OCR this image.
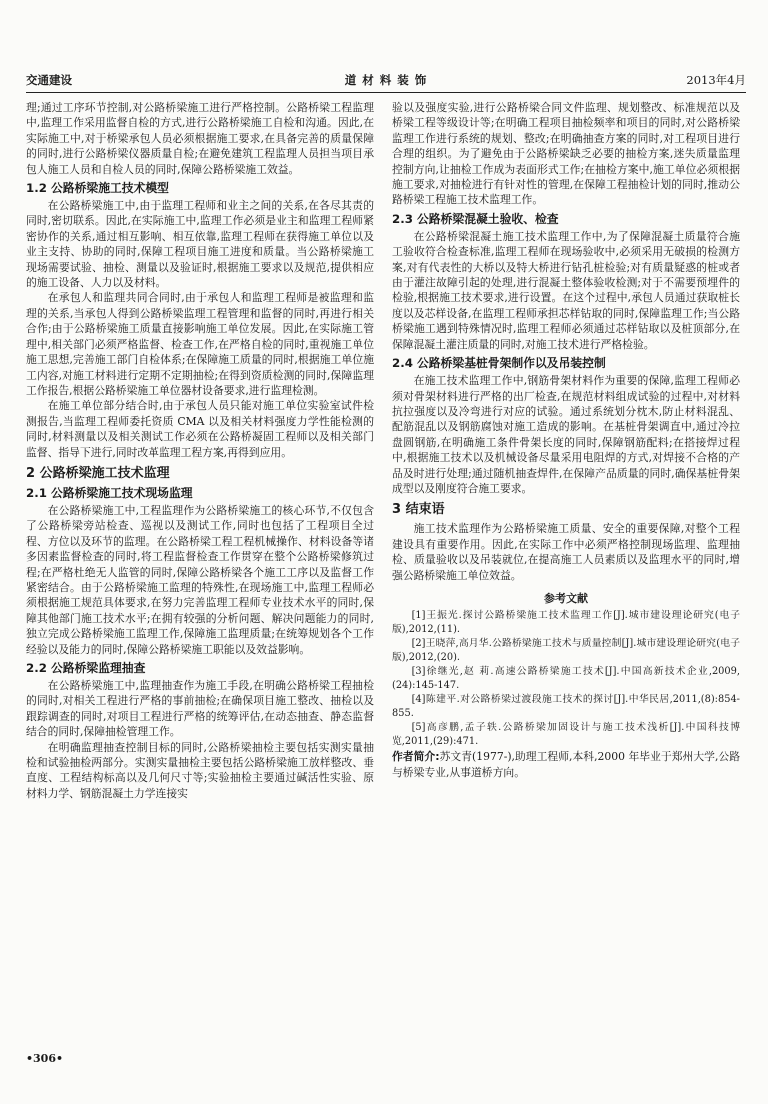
交通建设	道 材 料 装 饰	2013年4月

理;通过工序环节控制,对公路桥梁施工进行严格控制。公路桥梁工程监理中,监理工作采用监督自检的方式,进行公路桥梁施工自检和沟通。因此,在实际施工中,对于桥梁承包人员必须根据施工要求,在具备完善的质量保障的同时,进行公路桥梁仪器质量自检;在避免建筑工程监理人员担当项目承包人施工人员和自检人员的同时,保障公路桥梁施工效益。

1.2 公路桥梁施工技术模型

在公路桥梁施工中,由于监理工程师和业主之间的关系,在各尽其责的同时,密切联系。因此,在实际施工中,监理工作必须是业主和监理工程师紧密协作的关系,通过相互影响、相互依靠,监理工程师在获得施工单位以及业主支持、协助的同时,保障工程项目施工进度和质量。当公路桥梁施工现场需要试验、抽检、测量以及验证时,根据施工要求以及规范,提供相应的施工设备、人力以及材料。

在承包人和监理共同合同时,由于承包人和监理工程师是被监理和监理的关系,当承包人得到公路桥梁监理工程管理和监督的同时,再进行相关合作;由于公路桥梁施工质量直接影响施工单位发展。因此,在实际施工管理中,相关部门必须严格监督、检查工作,在严格自检的同时,重视施工单位施工思想,完善施工部门自检体系;在保障施工质量的同时,根据施工单位施工内容,对施工材料进行定期不定期抽检;在得到资质检测的同时,保障监理工作报告,根据公路桥梁施工单位器材设备要求,进行监理检测。

在施工单位部分结合时,由于承包人员只能对施工单位实验室试件检测报告,当监理工程师委托资质 CMA 以及相关材料强度力学性能检测的同时,材料测量以及相关测试工作必须在公路桥凝固工程师以及相关部门监督、指导下进行,同时改革监理工程方案,再得到应用。

2 公路桥梁施工技术监理
2.1 公路桥梁施工技术现场监理

在公路桥梁施工中,工程监理作为公路桥梁施工的核心环节,不仅包含了公路桥梁旁站检查、巡视以及测试工作,同时也包括了工程项目全过程、方位以及环节的监理。在公路桥梁工程工程机械操作、材料设备等诸多因素监督检查的同时,将工程监督检查工作贯穿在整个公路桥梁修筑过程;在严格杜绝无人监管的同时,保障公路桥梁各个施工工序以及监督工作紧密结合。由于公路桥梁施工监理的特殊性,在现场施工中,监理工程师必须根据施工规范具体要求,在努力完善监理工程师专业技术水平的同时,保障其他部门施工技术水平;在拥有较强的分析问题、解决问题能力的同时,独立完成公路桥梁施工监理工作,保障施工监理质量;在统筹规划各个工作经验以及能力的同时,保障公路桥梁施工职能以及效益影响。

2.2 公路桥梁监理抽查

在公路桥梁施工中,监理抽查作为施工手段,在明确公路桥梁工程抽检的同时,对相关工程进行严格的事前抽检;在确保项目施工整改、抽检以及跟踪调查的同时,对项目工程进行严格的统筹评估,在动态抽查、静态监督结合的同时,保障抽检管理工作。

在明确监理抽查控制目标的同时,公路桥梁抽检主要包括实测实量抽检和试验抽检两部分。实测实量抽检主要包括公路桥梁施工放样整改、垂直度、工程结构标高以及几何尺寸等;实验抽检主要通过碱活性实验、原材料力学、钢筋混凝土力学连接实

验以及强度实验,进行公路桥梁合同文件监理、规划整改、标准规范以及桥梁工程等级设计等;在明确工程项目抽检频率和项目的同时,对公路桥梁监理工作进行系统的规划、整改;在明确抽查方案的同时,对工程项目进行合理的组织。为了避免由于公路桥梁缺乏必要的抽检方案,迷失质量监理控制方向,让抽检工作成为表面形式工作;在抽检方案中,施工单位必须根据施工要求,对抽检进行有针对性的管理,在保障工程抽检计划的同时,推动公路桥梁工程施工技术监理工作。

2.3 公路桥梁混凝土验收、检查

在公路桥梁混凝土施工技术监理工作中,为了保障混凝土质量符合施工验收符合检查标准,监理工程师在现场验收中,必须采用无破损的检测方案,对有代表性的大桥以及特大桥进行钻孔桩检验;对有质量疑惑的桩或者由于灌注故障引起的处理,进行混凝土整体验收检测;对于不需要预埋件的检验,根据施工技术要求,进行设置。在这个过程中,承包人员通过获取桩长度以及芯样设备,在监理工程师承担芯样钻取的同时,保障监理工作;当公路桥梁施工遇到特殊情况时,监理工程师必须通过芯样钻取以及桩顶部分,在保障混凝土灌注质量的同时,对施工技术进行严格检验。

2.4 公路桥梁基桩骨架制作以及吊装控制

在施工技术监理工作中,钢筋骨架材料作为重要的保障,监理工程师必须对骨架材料进行严格的出厂检查,在规范材料组成试验的过程中,对材料抗拉强度以及冷弯进行对应的试验。通过系统划分枕木,防止材料混乱、配筋混乱以及钢筋腐蚀对施工造成的影响。在基桩骨架调直中,通过冷拉盘圆钢筋,在明确施工条件骨架长度的同时,保障钢筋配料;在搭接焊过程中,根据施工技术以及机械设备尽量采用电阻焊的方式,对焊接不合格的产品及时进行处理;通过随机抽查焊件,在保障产品质量的同时,确保基桩骨架成型以及刚度符合施工要求。

3 结束语

施工技术监理作为公路桥梁施工质量、安全的重要保障,对整个工程建设具有重要作用。因此,在实际工作中必须严格控制现场监理、监理抽检、质量验收以及吊装就位,在提高施工人员素质以及监理水平的同时,增强公路桥梁施工单位效益。

参考文献

[1]王振光.探讨公路桥梁施工技术监理工作[J].城市建设理论研究(电子版),2012,(11).

[2]王晓萍,高月华.公路桥梁施工技术与质量控制[J].城市建设理论研究(电子版),2012,(20).

[3]徐继光,赵 莉.高速公路桥梁施工技术[J].中国高新技术企业,2009,(24):145-147.

[4]陈建平.对公路桥梁过渡段施工技术的探讨[J].中华民居,2011,(8):854-855.

[5]高彦鹏,孟子轶.公路桥梁加固设计与施工技术浅析[J].中国科技博览,2011,(29):471.

作者简介:苏文青(1977-),助理工程师,本科,2000 年毕业于郑州大学,公路与桥梁专业,从事道桥方向。

•306•
